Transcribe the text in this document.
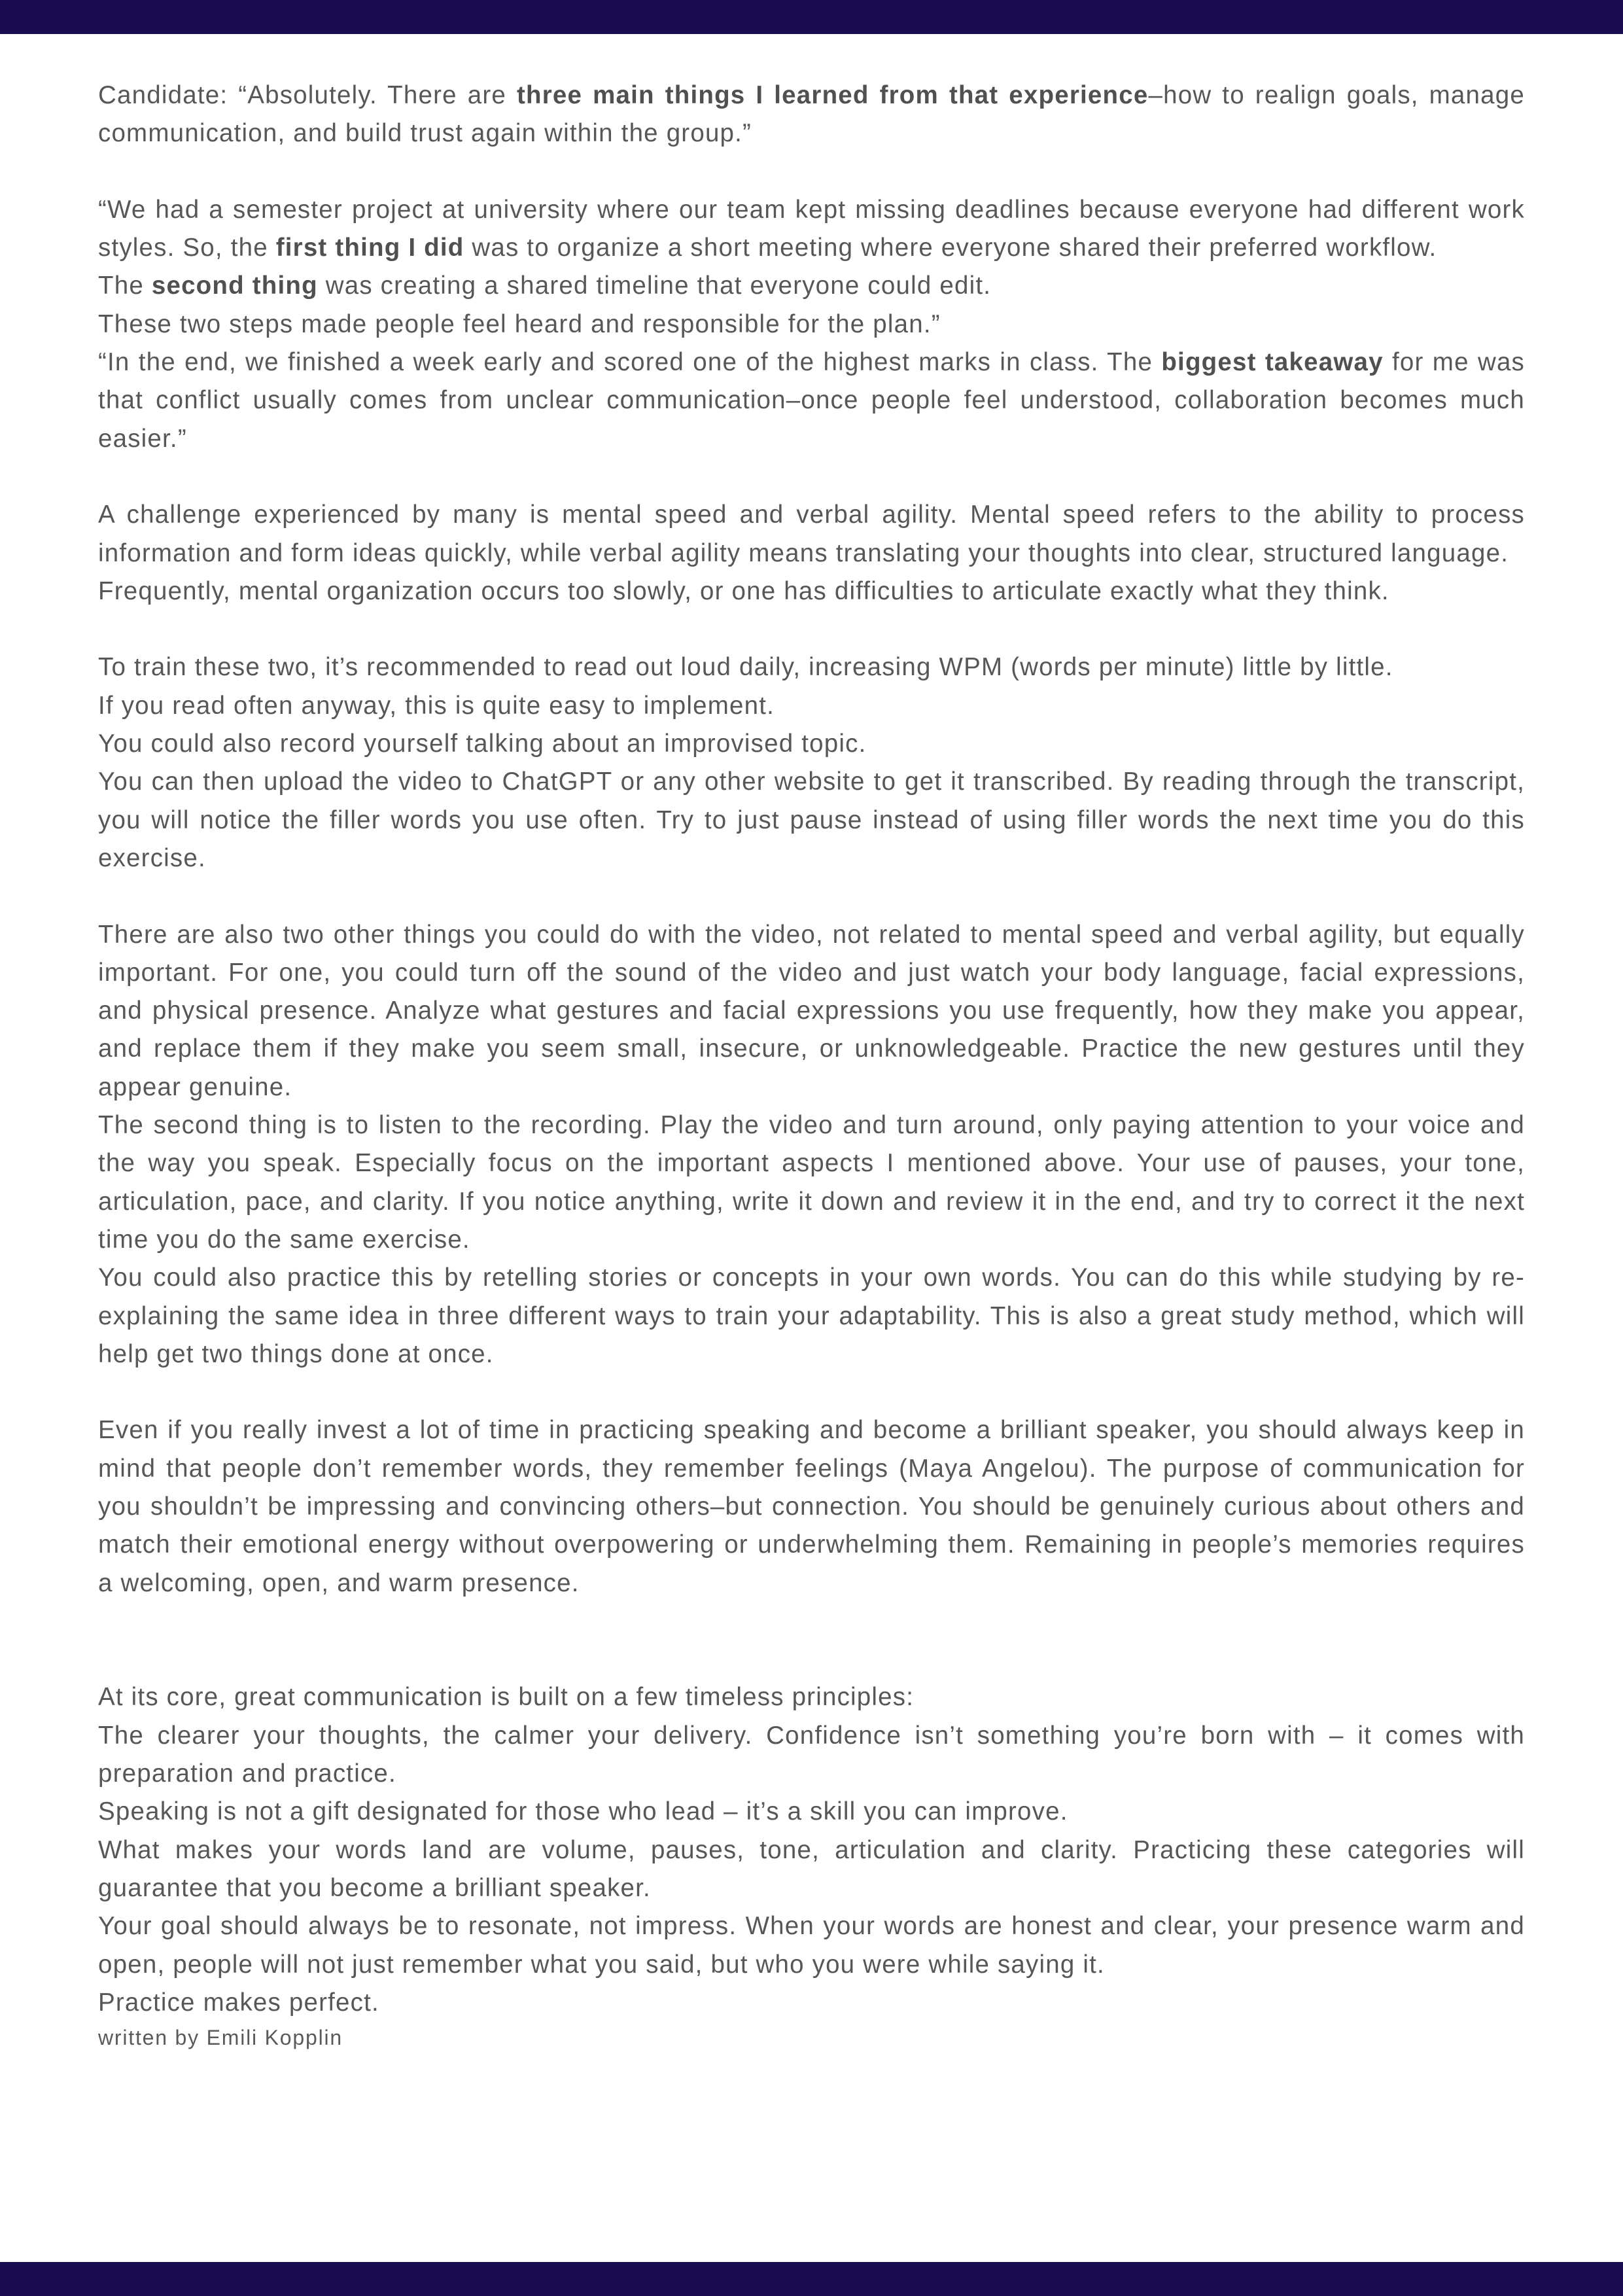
Candidate: “Absolutely. There are three main things I learned from that experience–how to realign goals, manage communication, and build trust again within the group.”

“We had a semester project at university where our team kept missing deadlines because everyone had different work styles. So, the first thing I did was to organize a short meeting where everyone shared their preferred workflow.

The second thing was creating a shared timeline that everyone could edit.

These two steps made people feel heard and responsible for the plan.”

“In the end, we finished a week early and scored one of the highest marks in class. The biggest takeaway for me was that conflict usually comes from unclear communication–once people feel understood, collaboration becomes much easier.”

A challenge experienced by many is mental speed and verbal agility. Mental speed refers to the ability to process information and form ideas quickly, while verbal agility means translating your thoughts into clear, structured language.

Frequently, mental organization occurs too slowly, or one has difficulties to articulate exactly what they think.

To train these two, it’s recommended to read out loud daily, increasing WPM (words per minute) little by little.

If you read often anyway, this is quite easy to implement.

You could also record yourself talking about an improvised topic.

You can then upload the video to ChatGPT or any other website to get it transcribed. By reading through the transcript, you will notice the filler words you use often. Try to just pause instead of using filler words the next time you do this exercise.

There are also two other things you could do with the video, not related to mental speed and verbal agility, but equally important. For one, you could turn off the sound of the video and just watch your body language, facial expressions, and physical presence. Analyze what gestures and facial expressions you use frequently, how they make you appear, and replace them if they make you seem small, insecure, or unknowledgeable. Practice the new gestures until they appear genuine.

The second thing is to listen to the recording. Play the video and turn around, only paying attention to your voice and the way you speak. Especially focus on the important aspects I mentioned above. Your use of pauses, your tone, articulation, pace, and clarity. If you notice anything, write it down and review it in the end, and try to correct it the next time you do the same exercise.

You could also practice this by retelling stories or concepts in your own words. You can do this while studying by re-explaining the same idea in three different ways to train your adaptability. This is also a great study method, which will help get two things done at once.

Even if you really invest a lot of time in practicing speaking and become a brilliant speaker, you should always keep in mind that people don’t remember words, they remember feelings (Maya Angelou). The purpose of communication for you shouldn’t be impressing and convincing others–but connection. You should be genuinely curious about others and match their emotional energy without overpowering or underwhelming them. Remaining in people’s memories requires a welcoming, open, and warm presence.

At its core, great communication is built on a few timeless principles:

The clearer your thoughts, the calmer your delivery. Confidence isn’t something you’re born with – it comes with preparation and practice.

Speaking is not a gift designated for those who lead – it’s a skill you can improve.

What makes your words land are volume, pauses, tone, articulation and clarity. Practicing these categories will guarantee that you become a brilliant speaker.

Your goal should always be to resonate, not impress. When your words are honest and clear, your presence warm and open, people will not just remember what you said, but who you were while saying it.

Practice makes perfect.

written by Emili Kopplin
